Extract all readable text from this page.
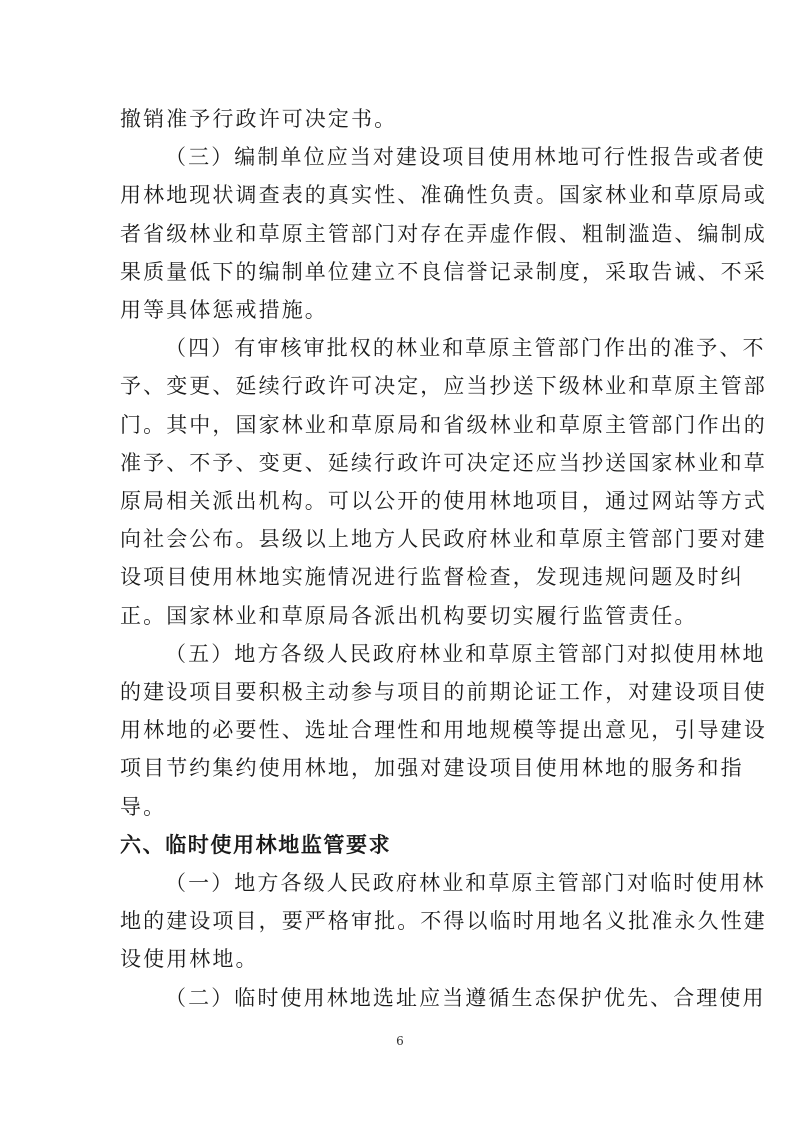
撤销准予行政许可决定书。
（三）编制单位应当对建设项目使用林地可行性报告或者使
用林地现状调查表的真实性、准确性负责。国家林业和草原局或
者省级林业和草原主管部门对存在弄虚作假、粗制滥造、编制成
果质量低下的编制单位建立不良信誉记录制度，采取告诫、不采
用等具体惩戒措施。
（四）有审核审批权的林业和草原主管部门作出的准予、不
予、变更、延续行政许可决定，应当抄送下级林业和草原主管部
门。其中，国家林业和草原局和省级林业和草原主管部门作出的
准予、不予、变更、延续行政许可决定还应当抄送国家林业和草
原局相关派出机构。可以公开的使用林地项目，通过网站等方式
向社会公布。县级以上地方人民政府林业和草原主管部门要对建
设项目使用林地实施情况进行监督检查，发现违规问题及时纠
正。国家林业和草原局各派出机构要切实履行监管责任。
（五）地方各级人民政府林业和草原主管部门对拟使用林地
的建设项目要积极主动参与项目的前期论证工作，对建设项目使
用林地的必要性、选址合理性和用地规模等提出意见，引导建设
项目节约集约使用林地，加强对建设项目使用林地的服务和指
导。
六、临时使用林地监管要求
（一）地方各级人民政府林业和草原主管部门对临时使用林
地的建设项目，要严格审批。不得以临时用地名义批准永久性建
设使用林地。
（二）临时使用林地选址应当遵循生态保护优先、合理使用
6
